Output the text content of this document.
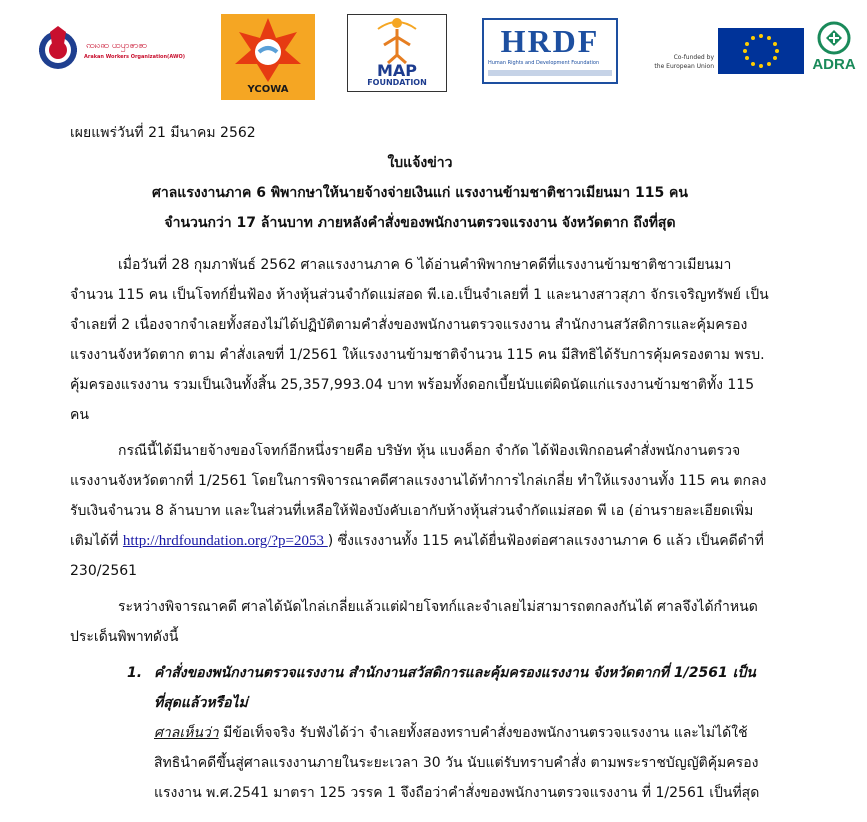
ꩡꩢꩣ ꩤꩥꩦꩧ
Arakan Workers Organization(AWO)
YCOWA
MAP
FOUNDATION
HRDF
Human Rights and Development Foundation
Co-funded by
the European Union	ADRA

เผยแพร่วันที่ 21 มีนาคม 2562

ใบแจ้งข่าว

ศาลแรงงานภาค 6 พิพากษาให้นายจ้างจ่ายเงินแก่ แรงงานข้ามชาติชาวเมียนมา 115 คน

จำนวนกว่า 17 ล้านบาท ภายหลังคำสั่งของพนักงานตรวจแรงงาน จังหวัดตาก ถึงที่สุด

เมื่อวันที่ 28 กุมภาพันธ์ 2562 ศาลแรงงานภาค 6 ได้อ่านคำพิพากษาคดีที่แรงงานข้ามชาติชาวเมียนมา จำนวน 115 คน เป็นโจทก์ยื่นฟ้อง ห้างหุ้นส่วนจำกัดแม่สอด พี.เอ.เป็นจำเลยที่ 1 และนางสาวสุภา จักรเจริญทรัพย์ เป็นจำเลยที่ 2 เนื่องจากจำเลยทั้งสองไม่ได้ปฏิบัติตามคำสั่งของพนักงานตรวจแรงงาน สำนักงานสวัสดิการและคุ้มครองแรงงานจังหวัดตาก ตาม คำสั่งเลขที่ 1/2561 ให้แรงงานข้ามชาติจำนวน 115 คน มีสิทธิได้รับการคุ้มครองตาม พรบ. คุ้มครองแรงงาน รวมเป็นเงินทั้งสิ้น 25,357,993.04 บาท พร้อมทั้งดอกเบี้ยนับแต่ผิดนัดแก่แรงงานข้ามชาติทั้ง 115 คน

กรณีนี้ได้มีนายจ้างของโจทก์อีกหนึ่งรายคือ บริษัท หุ้น แบงค็อก จำกัด ได้ฟ้องเพิกถอนคำสั่งพนักงานตรวจแรงงานจังหวัดตากที่ 1/2561 โดยในการพิจารณาคดีศาลแรงงานได้ทำการไกล่เกลี่ย ทำให้แรงงานทั้ง 115 คน ตกลงรับเงินจำนวน 8 ล้านบาท และในส่วนที่เหลือให้ฟ้องบังคับเอากับห้างหุ้นส่วนจำกัดแม่สอด พี เอ (อ่านรายละเอียดเพิ่มเติมได้ที่ http://hrdfoundation.org/?p=2053 ) ซึ่งแรงงานทั้ง 115 คนได้ยื่นฟ้องต่อศาลแรงงานภาค 6 แล้ว เป็นคดีดำที่ 230/2561

ระหว่างพิจารณาคดี ศาลได้นัดไกล่เกลี่ยแล้วแต่ฝ่ายโจทก์และจำเลยไม่สามารถตกลงกันได้ ศาลจึงได้กำหนดประเด็นพิพาทดังนี้

1. คำสั่งของพนักงานตรวจแรงงาน สำนักงานสวัสดิการและคุ้มครองแรงงาน จังหวัดตากที่ 1/2561 เป็นที่สุดแล้วหรือไม่
ศาลเห็นว่า มีข้อเท็จจริง รับฟังได้ว่า จำเลยทั้งสองทราบคำสั่งของพนักงานตรวจแรงงาน และไม่ได้ใช้สิทธินำคดีขึ้นสู่ศาลแรงงานภายในระยะเวลา 30 วัน นับแต่รับทราบคำสั่ง ตามพระราชบัญญัติคุ้มครองแรงงาน พ.ศ.2541 มาตรา 125 วรรค 1 จึงถือว่าคำสั่งของพนักงานตรวจแรงงาน ที่ 1/2561 เป็นที่สุด
